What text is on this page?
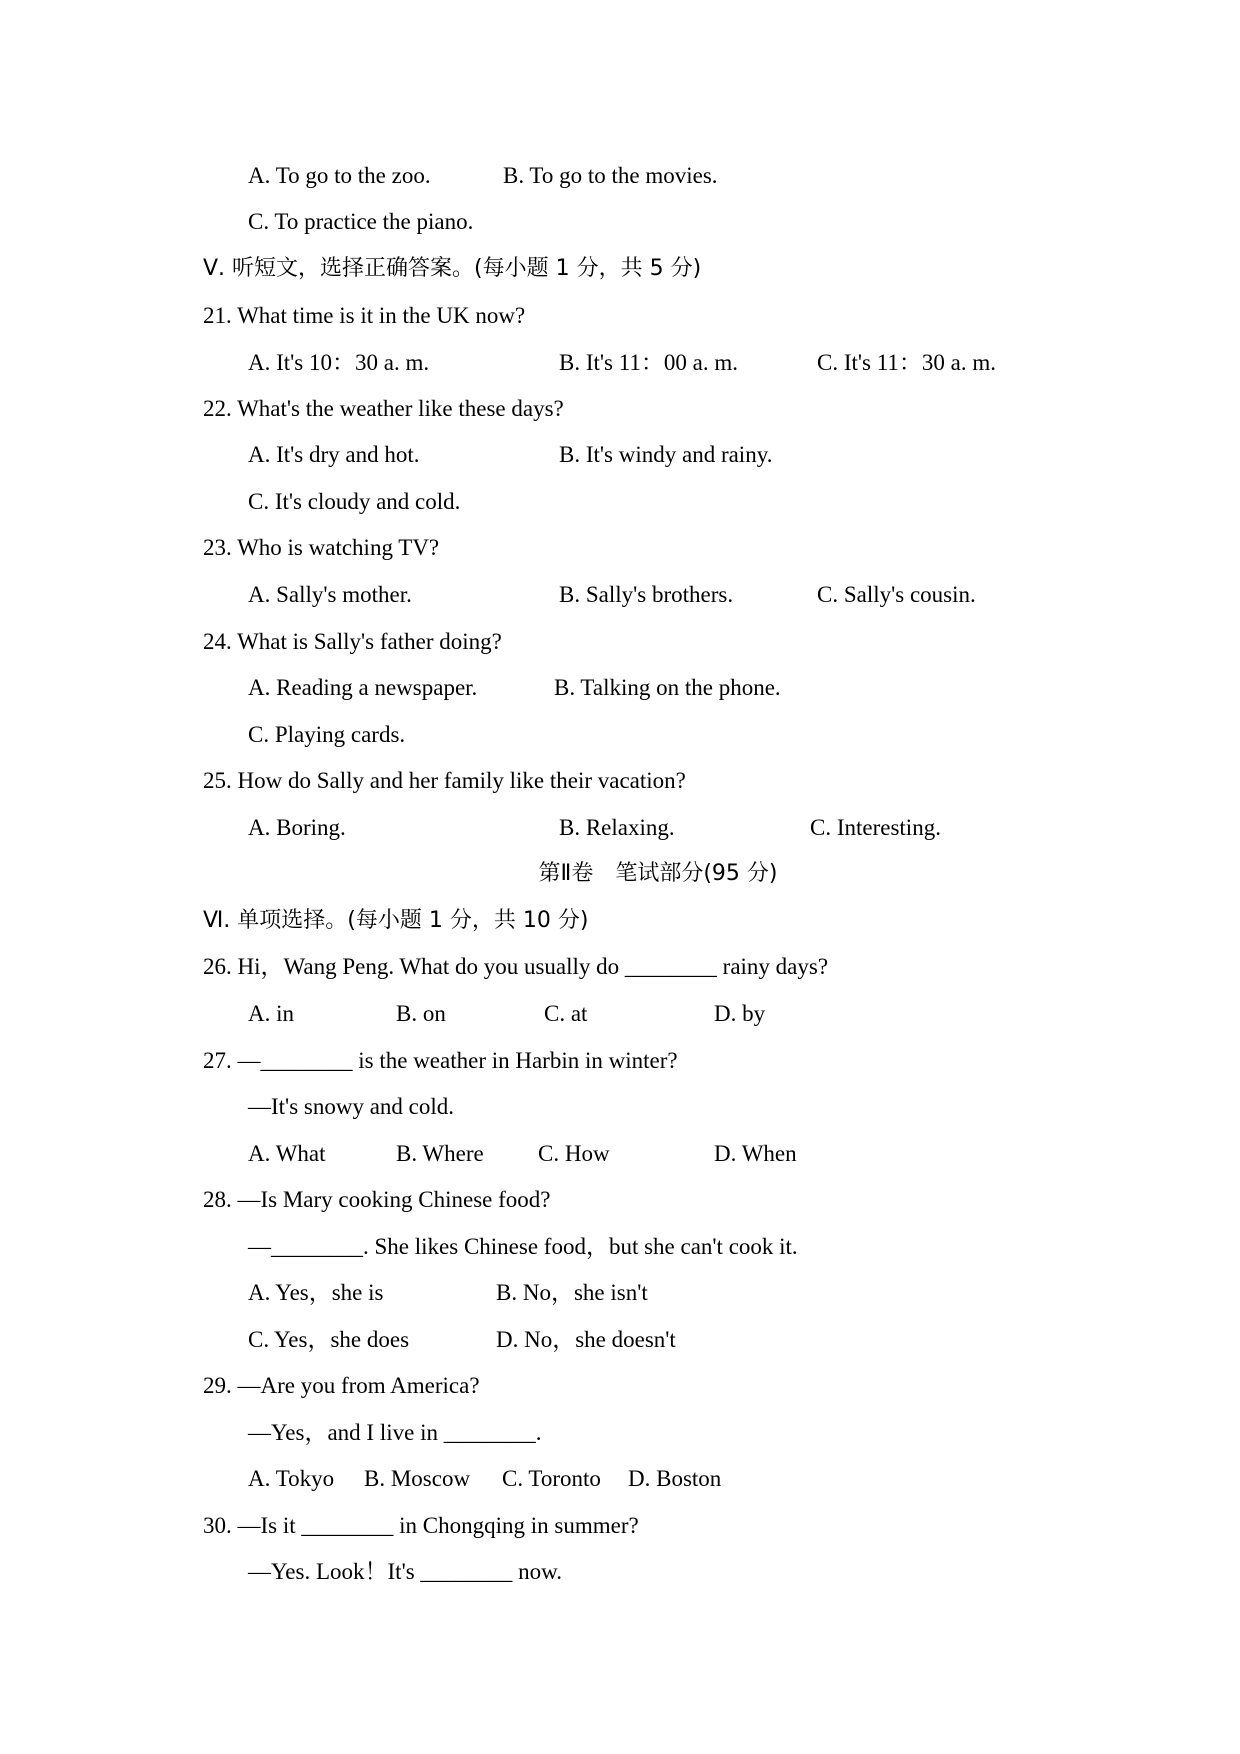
A. To go to the zoo.	B. To go to the movies.
C. To practice the piano.
Ⅴ. 听短文，选择正确答案。(每小题 1 分，共 5 分)
21. What time is it in the UK now?
A. It's 10：30 a. m.	B. It's 11：00 a. m.	C. It's 11：30 a. m.
22. What's the weather like these days?
A. It's dry and hot.	B. It's windy and rainy.
C. It's cloudy and cold.
23. Who is watching TV?
A. Sally's mother.	B. Sally's brothers.	C. Sally's cousin.
24. What is Sally's father doing?
A. Reading a newspaper.	B. Talking on the phone.
C. Playing cards.
25. How do Sally and her family like their vacation?
A. Boring.	B. Relaxing.	C. Interesting.
第Ⅱ卷　笔试部分(95 分)
Ⅵ. 单项选择。(每小题 1 分，共 10 分)
26. Hi，Wang Peng. What do you usually do ________ rainy days?
A. in	B. on	C. at	D. by
27. —________ is the weather in Harbin in winter?
—It's snowy and cold.
A. What	B. Where C. How	D. When
28. —Is Mary cooking Chinese food?
—________. She likes Chinese food，but she can't cook it.
A. Yes，she is	B. No，she isn't
C. Yes，she does	D. No，she doesn't
29. —Are you from America?
—Yes，and I live in ________.
A. Tokyo B. Moscow C. Toronto D. Boston
30. —Is it ________ in Chongqing in summer?
—Yes. Look！It's ________ now.
